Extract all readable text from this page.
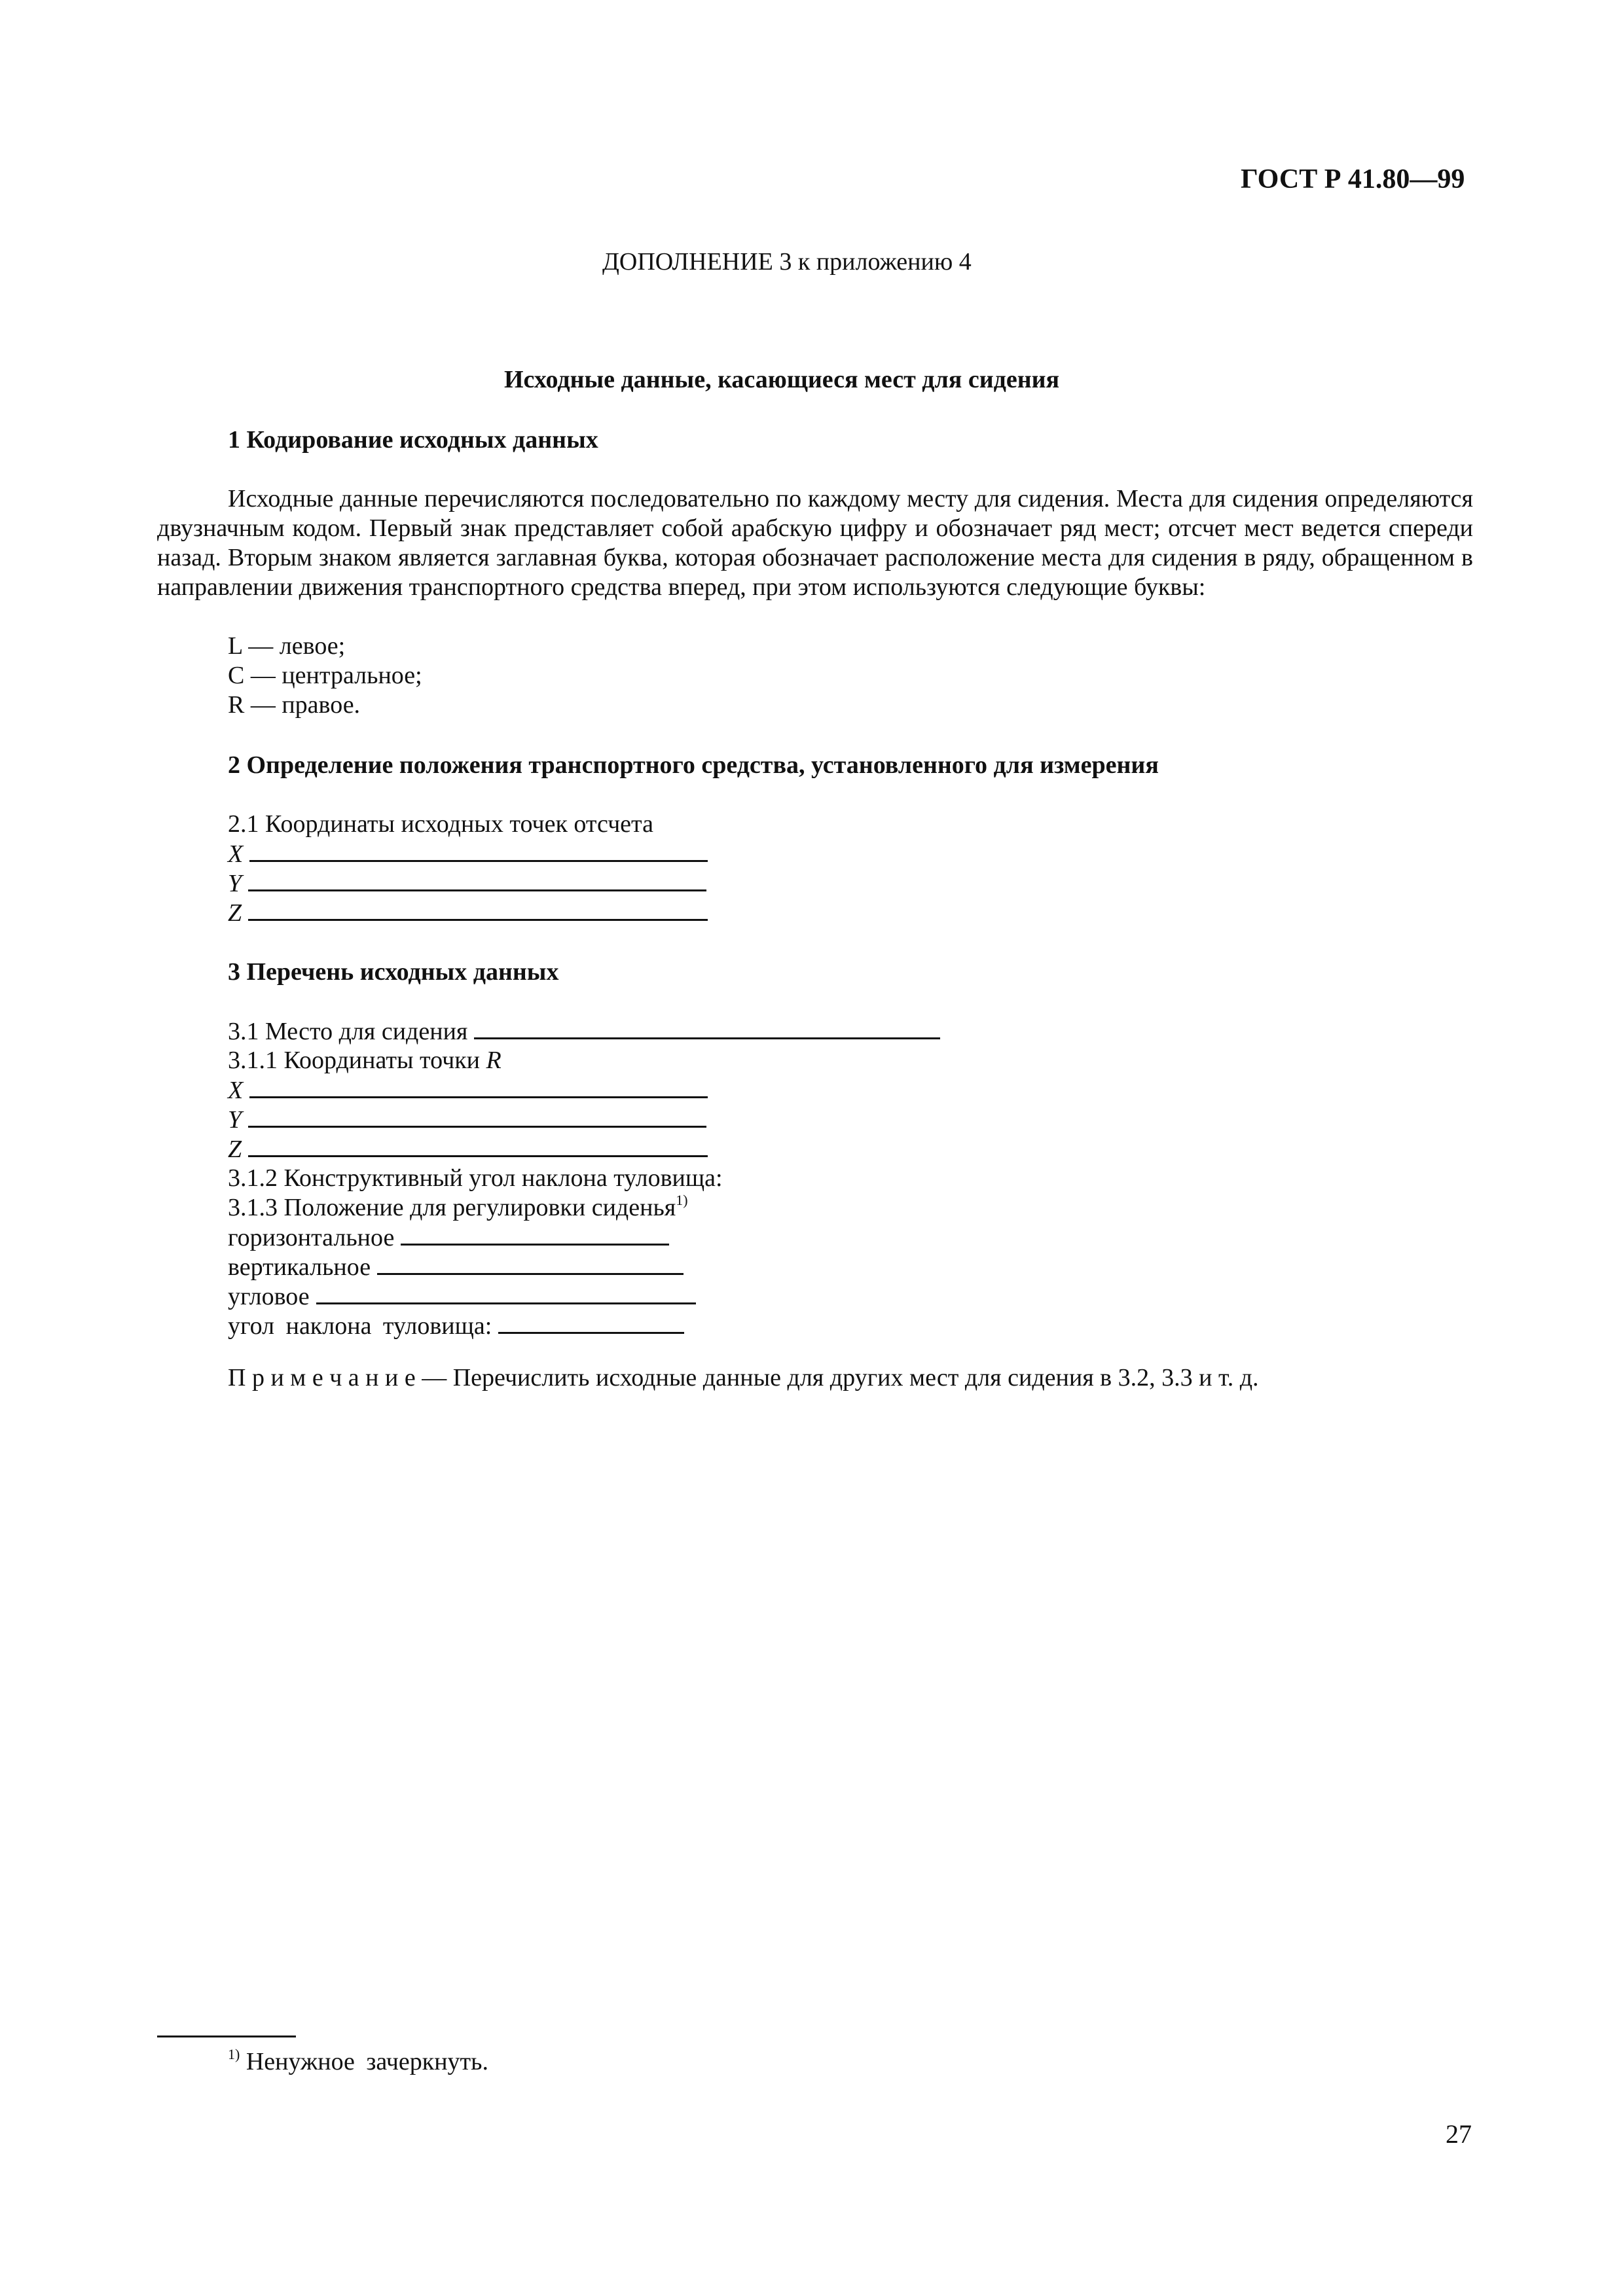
ГОСТ Р 41.80—99
ДОПОЛНЕНИЕ 3 к приложению 4
Исходные данные, касающиеся мест для сидения
1 Кодирование исходных данных
Исходные данные перечисляются последовательно по каждому месту для сидения. Места для сидения определяются двузначным кодом. Первый знак представляет собой арабскую цифру и обозначает ряд мест; отсчет мест ведется спереди назад. Вторым знаком является заглавная буква, которая обозначает расположение места для сидения в ряду, обращенном в направлении движения транспортного средства вперед, при этом используются следующие буквы:
L — левое;
С — центральное;
R — правое.
2 Определение положения транспортного средства, установленного для измерения
2.1 Координаты исходных точек отсчета
X
Y
Z
3 Перечень исходных данных
3.1 Место для сидения
3.1.1 Координаты точки R
X
Y
Z
3.1.2 Конструктивный угол наклона туловища:
3.1.3 Положение для регулировки сиденья$^{1)}$
горизонтальное
вертикальное
угловое
угол наклона туловища:
П р и м е ч а н и е — Перечислить исходные данные для других мест для сидения в 3.2, 3.3 и т. д.
$^{1)}$ Ненужное зачеркнуть.
27
